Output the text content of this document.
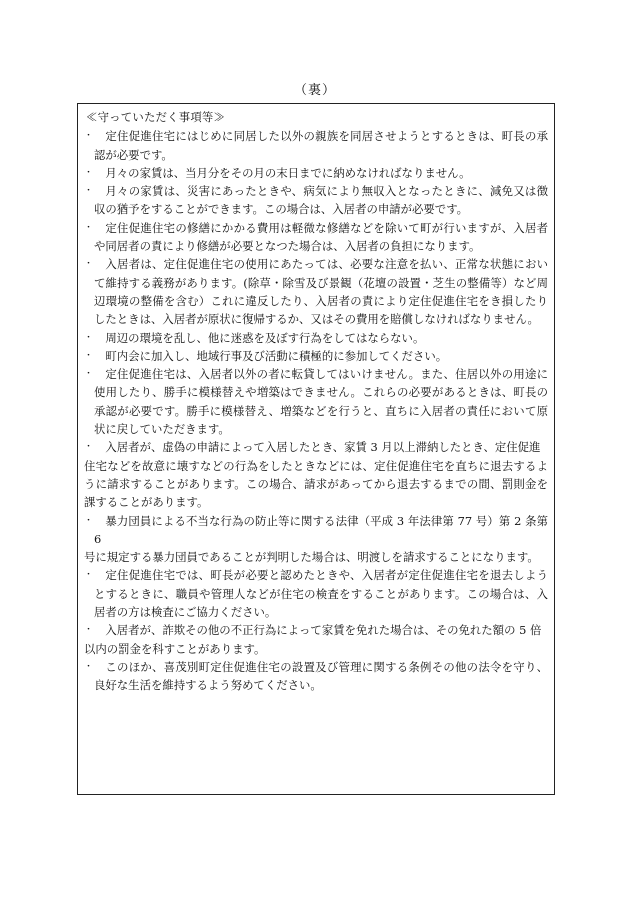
（裏）
≪守っていただく事項等≫
・	定住促進住宅にはじめに同居した以外の親族を同居させようとするときは、町長の承認が必要です。
・	月々の家賃は、当月分をその月の末日までに納めなければなりません。
・	月々の家賃は、災害にあったときや、病気により無収入となったときに、減免又は徴収の猶予をすることができます。この場合は、入居者の申請が必要です。
・	定住促進住宅の修繕にかかる費用は軽微な修繕などを除いて町が行いますが、入居者や同居者の責により修繕が必要となつた場合は、入居者の負担になります。
・	入居者は、定住促進住宅の使用にあたっては、必要な注意を払い、正常な状態において維持する義務があります。(除草・除雪及び景観（花壇の設置・芝生の整備等）など周辺環境の整備を含む）これに違反したり、入居者の責により定住促進住宅をき損したりしたときは、入居者が原状に復帰するか、又はその費用を賠償しなければなりません。
・	周辺の環境を乱し、他に迷惑を及ぼす行為をしてはならない。
・	町内会に加入し、地域行事及び活動に積極的に参加してください。
・	定住促進住宅は、入居者以外の者に転貸してはいけません。また、住居以外の用途に使用したり、勝手に模様替えや増築はできません。これらの必要があるときは、町長の承認が必要です。勝手に模様替え、増築などを行うと、直ちに入居者の責任において原状に戻していただきます。
・	入居者が、虚偽の申請によって入居したとき、家賃 3 月以上滞納したとき、定住促進
住宅などを故意に壊すなどの行為をしたときなどには、定住促進住宅を直ちに退去するように請求することがあります。この場合、請求があってから退去するまでの間、罰則金を課することがあります。
・	暴力団員による不当な行為の防止等に関する法律（平成 3 年法律第 77 号）第 2 条第 6
号に規定する暴力団員であることが判明した場合は、明渡しを請求することになります。
・	定住促進住宅では、町長が必要と認めたときや、入居者が定住促進住宅を退去しようとするときに、職員や管理人などが住宅の検査をすることがあります。この場合は、入居者の方は検査にご協力ください。
・	入居者が、詐欺その他の不正行為によって家賃を免れた場合は、その免れた額の 5 倍
以内の罰金を科すことがあります。
・	このほか、喜茂別町定住促進住宅の設置及び管理に関する条例その他の法令を守り、良好な生活を維持するよう努めてください。
